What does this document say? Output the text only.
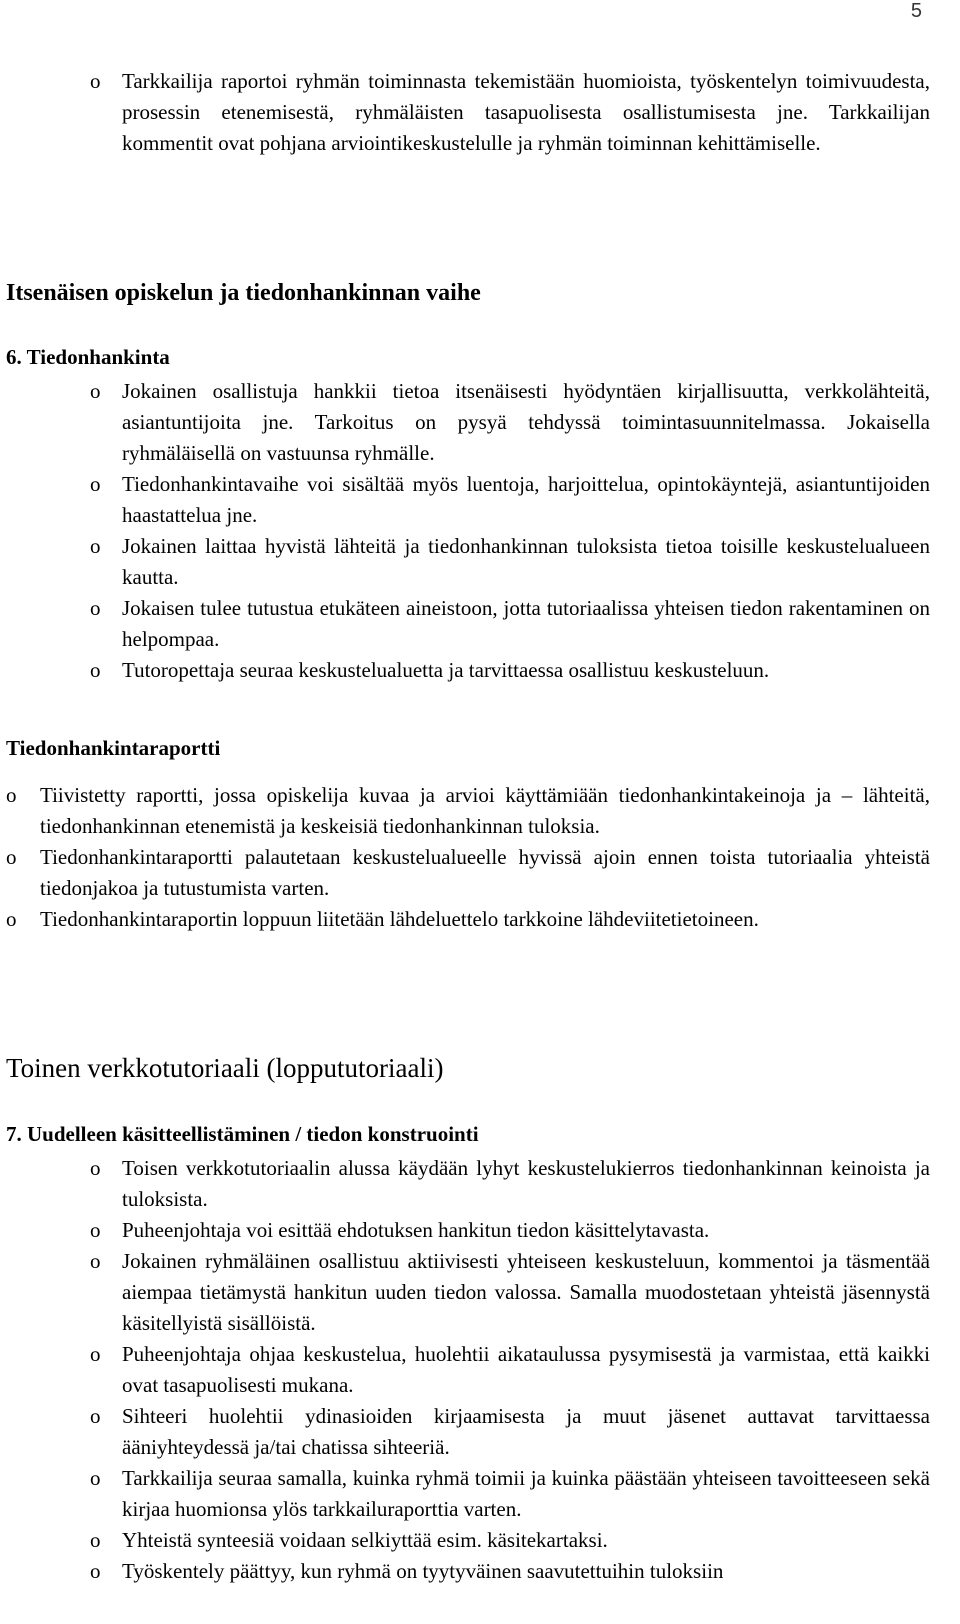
5
o Tarkkailija raportoi ryhmän toiminnasta tekemistään huomioista, työskentelyn toimivuudesta, prosessin etenemisestä, ryhmäläisten tasapuolisesta osallistumisesta jne. Tarkkailijan kommentit ovat pohjana arviointikeskustelulle ja ryhmän toiminnan kehittämiselle.
Itsenäisen opiskelun ja tiedonhankinnan vaihe
6. Tiedonhankinta
o Jokainen osallistuja hankkii tietoa itsenäisesti hyödyntäen kirjallisuutta, verkkolähteitä, asiantuntijoita jne. Tarkoitus on pysyä tehdyssä toimintasuunnitelmassa. Jokaisella ryhmäläisellä on vastuunsa ryhmälle.
o Tiedonhankintavaihe voi sisältää myös luentoja, harjoittelua, opintokäyntejä, asiantuntijoiden haastattelua jne.
o Jokainen laittaa hyvistä lähteitä ja tiedonhankinnan tuloksista tietoa toisille keskustelualueen kautta.
o Jokaisen tulee tutustua etukäteen aineistoon, jotta tutoriaalissa yhteisen tiedon rakentaminen on helpompaa.
o Tutoropettaja seuraa keskustelualuetta ja tarvittaessa osallistuu keskusteluun.
Tiedonhankintaraportti
o Tiivistetty raportti, jossa opiskelija kuvaa ja arvioi käyttämiään tiedonhankintakeinoja ja – lähteitä, tiedonhankinnan etenemistä ja keskeisiä tiedonhankinnan tuloksia.
o Tiedonhankintaraportti palautetaan keskustelualueelle hyvissä ajoin ennen toista tutoriaalia yhteistä tiedonjakoa ja tutustumista varten.
o Tiedonhankintaraportin loppuun liitetään lähdeluettelo tarkkoine lähdeviitetietoineen.
Toinen verkkotutoriaali (loppututoriaali)
7. Uudelleen käsitteellistäminen / tiedon konstruointi
o Toisen verkkotutoriaalin alussa käydään lyhyt keskustelukierros tiedonhankinnan keinoista ja tuloksista.
o Puheenjohtaja voi esittää ehdotuksen hankitun tiedon käsittelytavasta.
o Jokainen ryhmäläinen osallistuu aktiivisesti yhteiseen keskusteluun, kommentoi ja täsmentää aiempaa tietämystä hankitun uuden tiedon valossa. Samalla muodostetaan yhteistä jäsennystä käsitellyistä sisällöistä.
o Puheenjohtaja ohjaa keskustelua, huolehtii aikataulussa pysymisestä ja varmistaa, että kaikki ovat tasapuolisesti mukana.
o Sihteeri huolehtii ydinasioiden kirjaamisesta ja muut jäsenet auttavat tarvittaessa ääniyhteydessä ja/tai chatissa sihteeriä.
o Tarkkailija seuraa samalla, kuinka ryhmä toimii ja kuinka päästään yhteiseen tavoitteeseen sekä kirjaa huomionsa ylös tarkkailuraporttia varten.
o Yhteistä synteesiä voidaan selkiyttää esim. käsitekartaksi.
o Työskentely päättyy, kun ryhmä on tyytyväinen saavutettuihin tuloksiin
